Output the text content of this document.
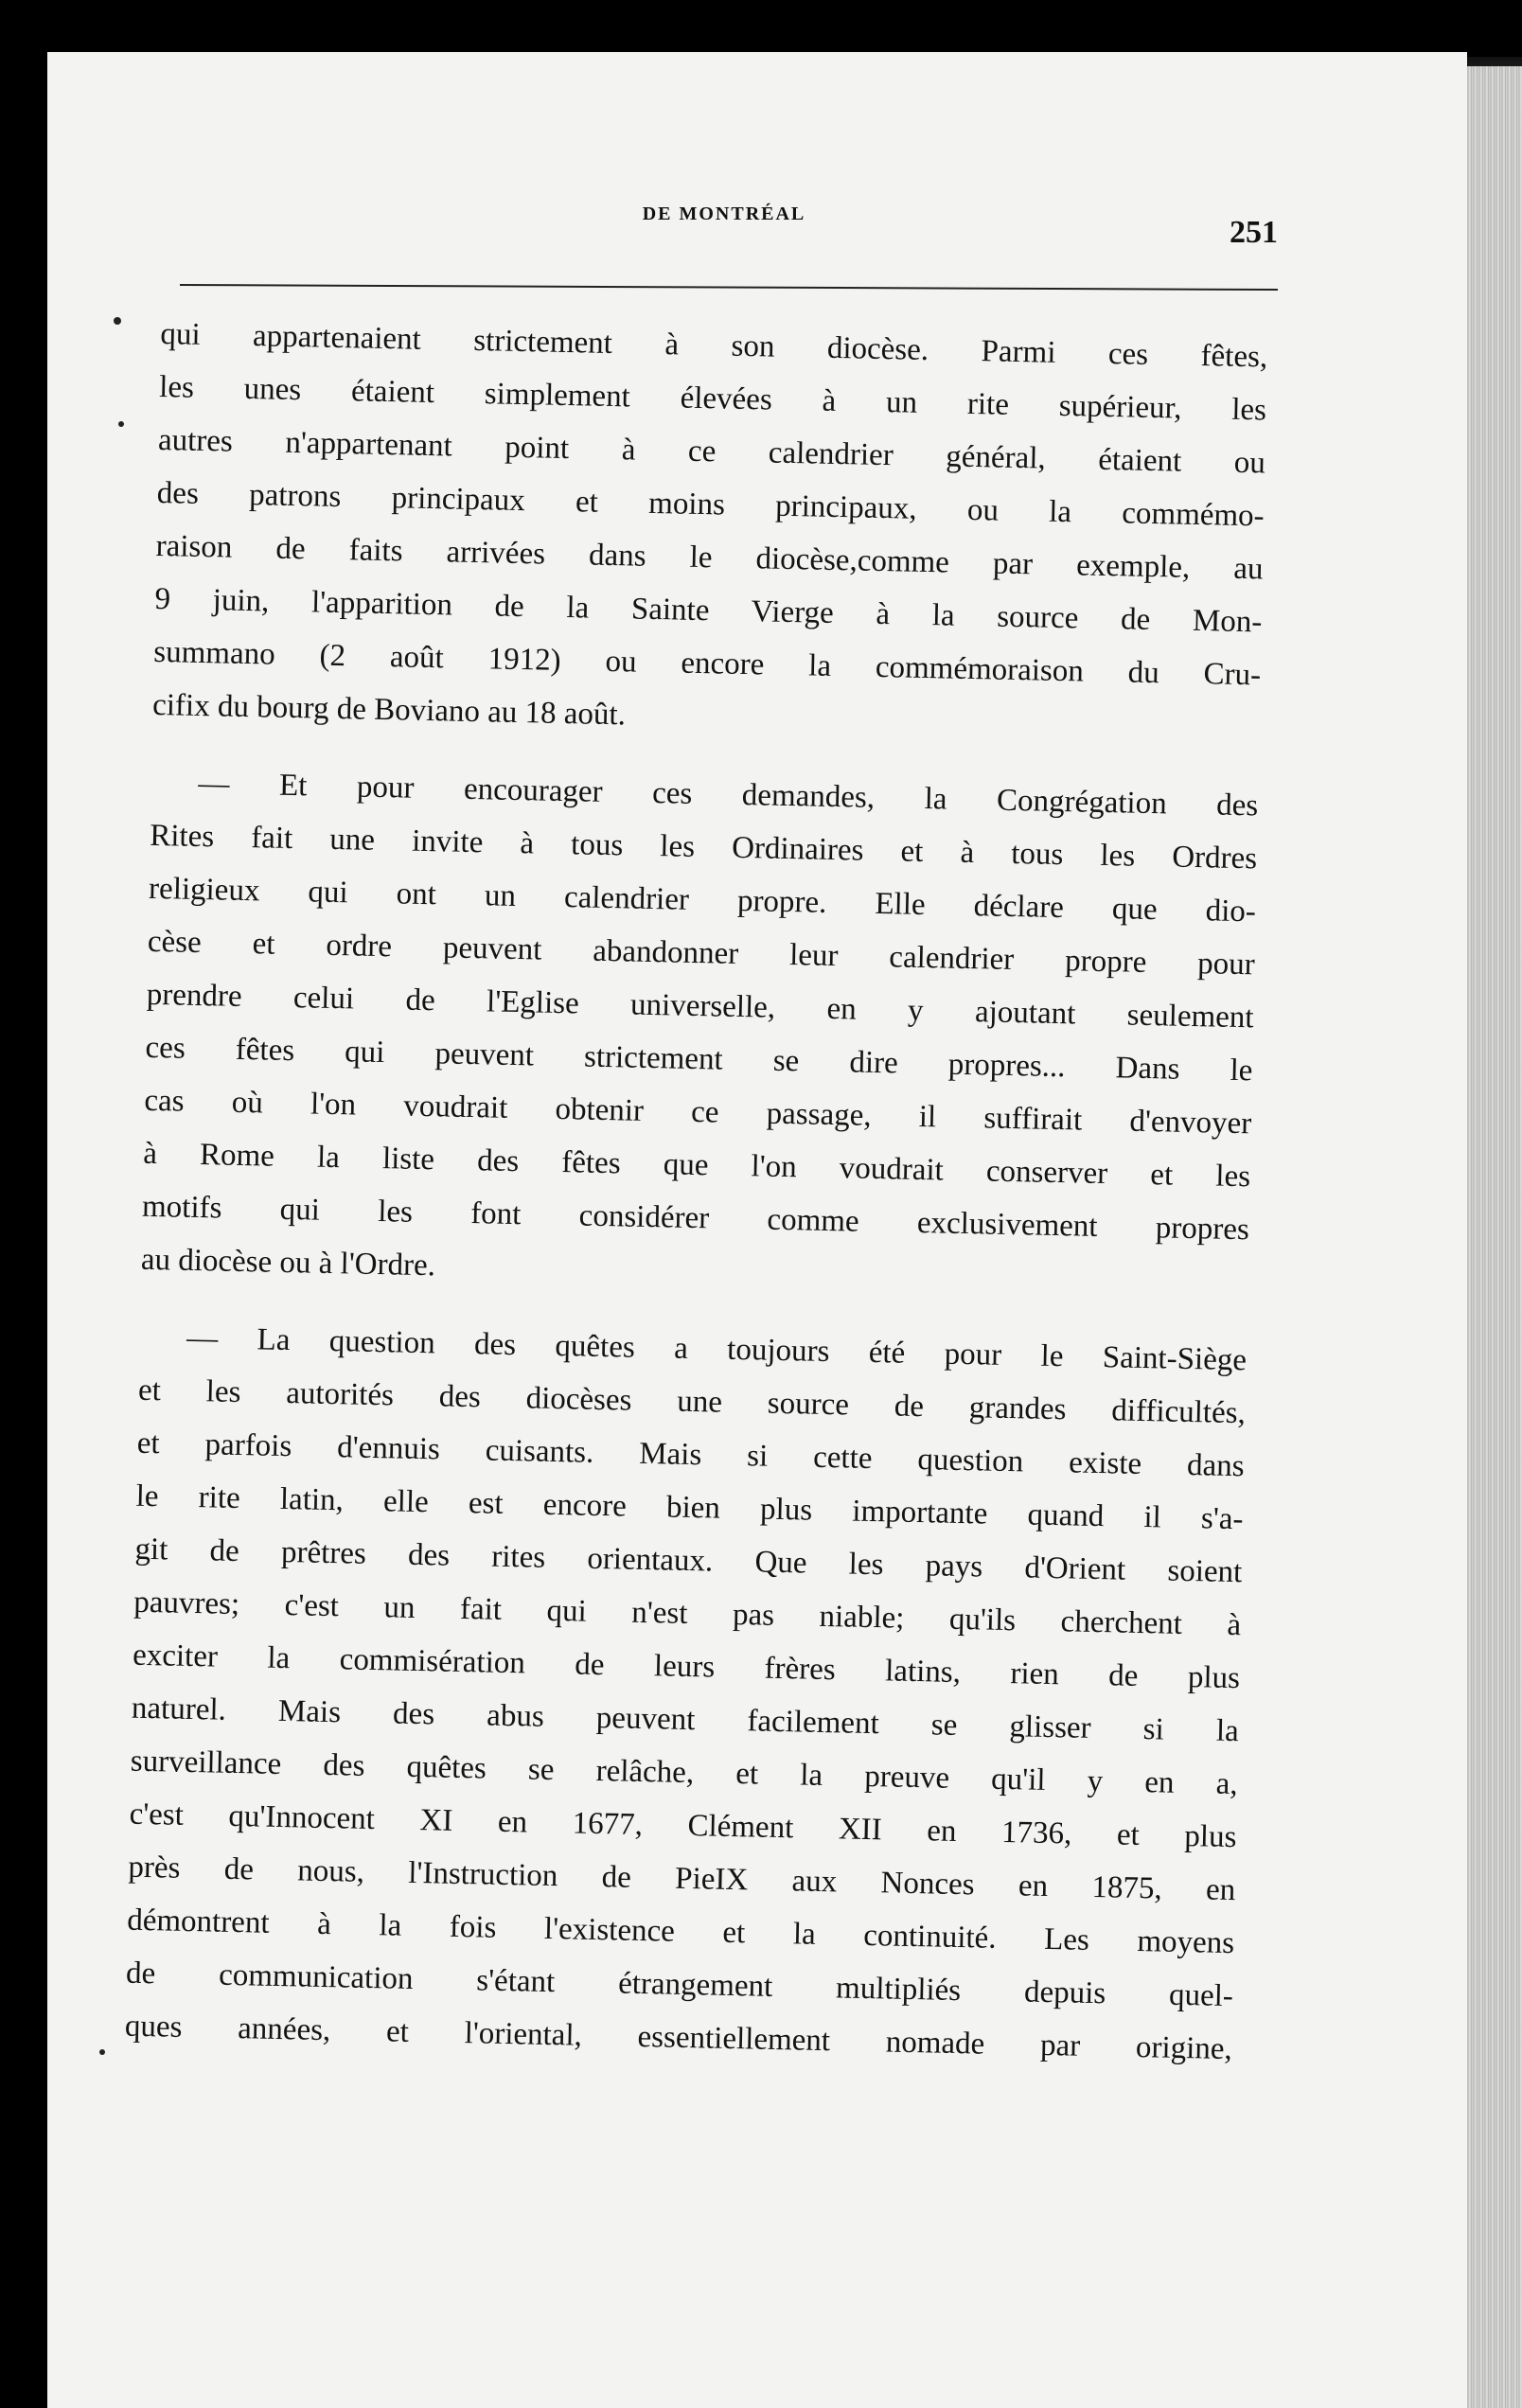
DE MONTRÉAL
251
qui appartenaient strictement à son diocèse. Parmi ces fêtes,
les unes étaient simplement élevées à un rite supérieur, les
autres n'appartenant point à ce calendrier général, étaient ou
des patrons principaux et moins principaux, ou la commémo-
raison de faits arrivées dans le diocèse,comme par exemple, au
9 juin, l'apparition de la Sainte Vierge à la source de Mon-
summano (2 août 1912) ou encore la commémoraison du Cru-
cifix du bourg de Boviano au 18 août.
— Et pour encourager ces demandes, la Congrégation des
Rites fait une invite à tous les Ordinaires et à tous les Ordres
religieux qui ont un calendrier propre. Elle déclare que dio-
cèse et ordre peuvent abandonner leur calendrier propre pour
prendre celui de l'Eglise universelle, en y ajoutant seulement
ces fêtes qui peuvent strictement se dire propres... Dans le
cas où l'on voudrait obtenir ce passage, il suffirait d'envoyer
à Rome la liste des fêtes que l'on voudrait conserver et les
motifs qui les font considérer comme exclusivement propres
au diocèse ou à l'Ordre.
— La question des quêtes a toujours été pour le Saint-Siège
et les autorités des diocèses une source de grandes difficultés,
et parfois d'ennuis cuisants. Mais si cette question existe dans
le rite latin, elle est encore bien plus importante quand il s'a-
git de prêtres des rites orientaux. Que les pays d'Orient soient
pauvres; c'est un fait qui n'est pas niable; qu'ils cherchent à
exciter la commisération de leurs frères latins, rien de plus
naturel. Mais des abus peuvent facilement se glisser si la
surveillance des quêtes se relâche, et la preuve qu'il y en a,
c'est qu'Innocent XI en 1677, Clément XII en 1736, et plus
près de nous, l'Instruction de PieIX aux Nonces en 1875, en
démontrent à la fois l'existence et la continuité. Les moyens
de communication s'étant étrangement multipliés depuis quel-
ques années, et l'oriental, essentiellement nomade par origine,
